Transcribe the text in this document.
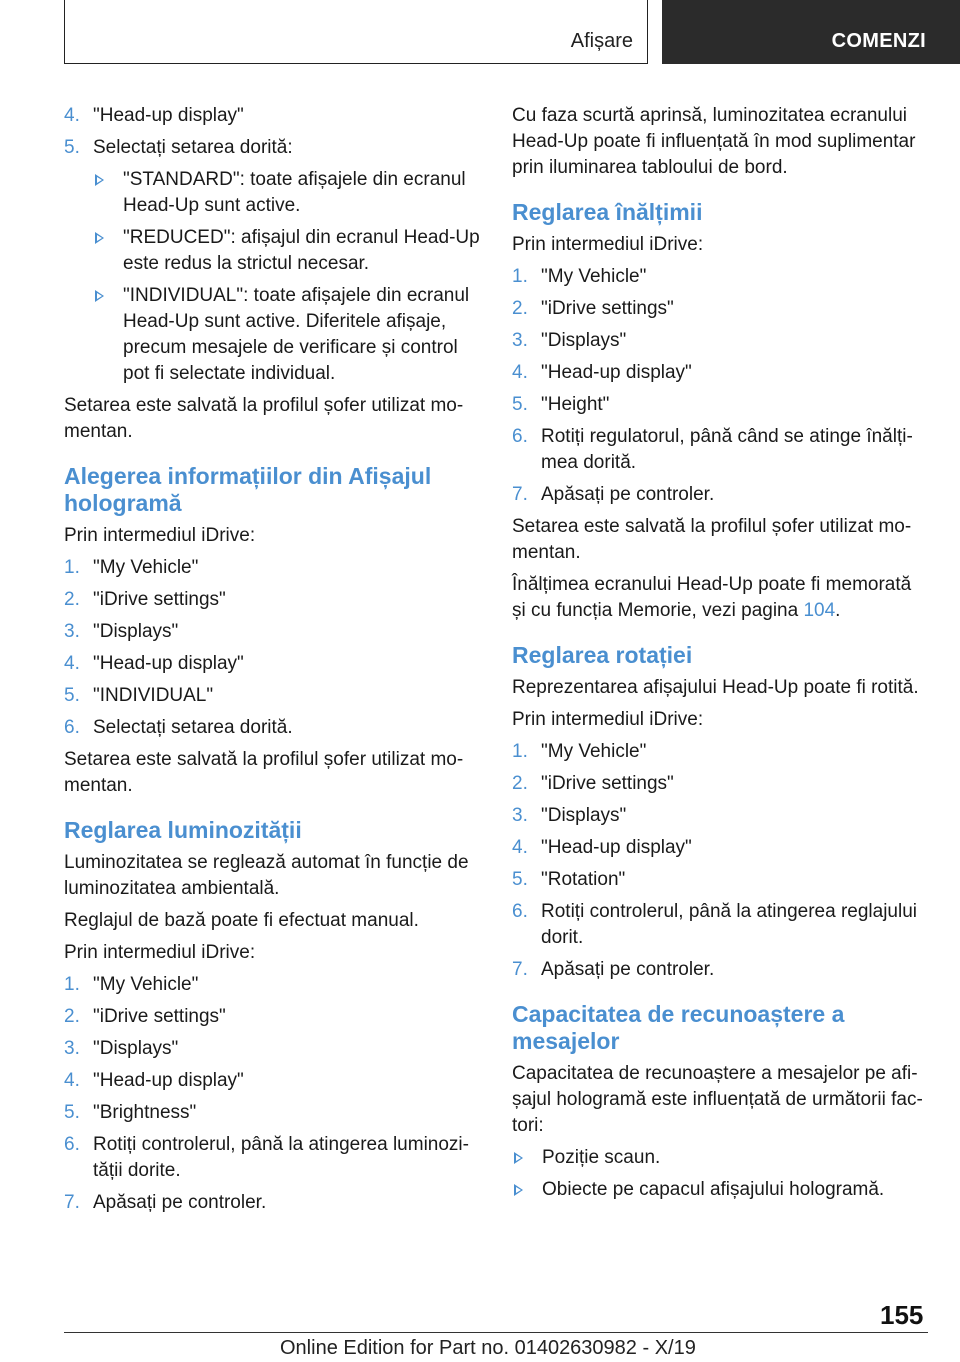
Afișare	COMENZI
4. "Head-up display"
5. Selectați setarea dorită:
"STANDARD": toate afișajele din ecranul Head-Up sunt active.
"REDUCED": afișajul din ecranul Head-Up este redus la strictul necesar.
"INDIVIDUAL": toate afișajele din ecranul Head-Up sunt active. Diferitele afișaje, precum mesajele de verificare și control pot fi selectate individual.

Setarea este salvată la profilul șofer utilizat mo-mentan.

Alegerea informațiilor din Afișajul hologramă

Prin intermediul iDrive:

1. "My Vehicle"
2. "iDrive settings"
3. "Displays"
4. "Head-up display"
5. "INDIVIDUAL"
6. Selectați setarea dorită.

Setarea este salvată la profilul șofer utilizat mo-mentan.

Reglarea luminozității

Luminozitatea se reglează automat în funcție de luminozitatea ambientală.

Reglajul de bază poate fi efectuat manual.

Prin intermediul iDrive:

1. "My Vehicle"
2. "iDrive settings"
3. "Displays"
4. "Head-up display"
5. "Brightness"
6. Rotiți controlerul, până la atingerea luminozi-tății dorite.
7. Apăsați pe controler.

Cu faza scurtă aprinsă, luminozitatea ecranului Head-Up poate fi influențată în mod suplimentar prin iluminarea tabloului de bord.

Reglarea înălțimii

Prin intermediul iDrive:

1. "My Vehicle"
2. "iDrive settings"
3. "Displays"
4. "Head-up display"
5. "Height"
6. Rotiți regulatorul, până când se atinge înălți-mea dorită.
7. Apăsați pe controler.

Setarea este salvată la profilul șofer utilizat mo-mentan.

Înălțimea ecranului Head-Up poate fi memorată și cu funcția Memorie, vezi pagina 104.

Reglarea rotației

Reprezentarea afișajului Head-Up poate fi rotită.

Prin intermediul iDrive:

1. "My Vehicle"
2. "iDrive settings"
3. "Displays"
4. "Head-up display"
5. "Rotation"
6. Rotiți controlerul, până la atingerea reglajului dorit.
7. Apăsați pe controler.
Capacitatea de recunoaștere a mesajelor

Capacitatea de recunoaștere a mesajelor pe afi-șajul hologramă este influențată de următorii fac-tori:

Poziție scaun.
Obiecte pe capacul afișajului hologramă.
155
Online Edition for Part no. 01402630982 - X/19
